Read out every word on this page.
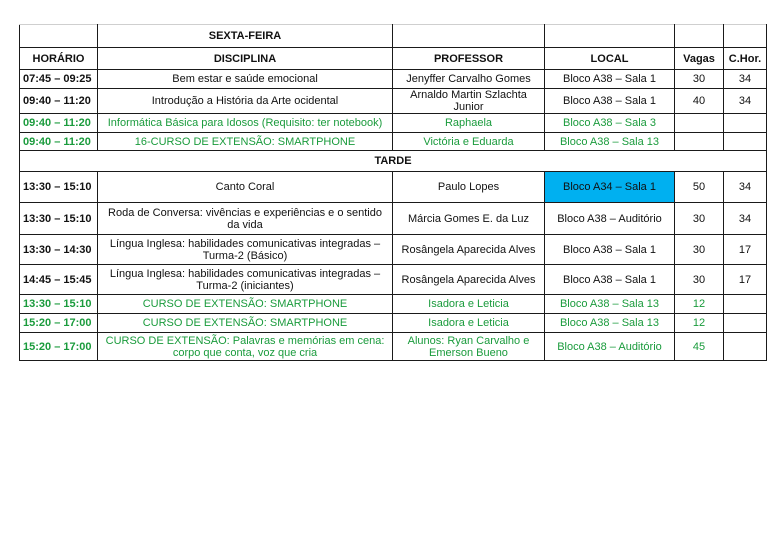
	SEXTA-FEIRA				
HORÁRIO	DISCIPLINA	PROFESSOR	LOCAL	Vagas	C.Hor.
07:45 – 09:25	Bem estar e saúde emocional	Jenyffer Carvalho Gomes	Bloco A38 – Sala 1	30	34
09:40 – 11:20	Introdução a História da Arte ocidental	Arnaldo Martin Szlachta Junior	Bloco A38 – Sala 1	40	34
09:40 – 11:20	Informática Básica para Idosos (Requisito: ter notebook)	Raphaela	Bloco A38 – Sala 3		
09:40 – 11:20	16-CURSO DE EXTENSÃO: SMARTPHONE	Victória e Eduarda	Bloco A38 – Sala 13		
TARDE					
13:30 – 15:10	Canto Coral	Paulo Lopes	Bloco A34 – Sala 1	50	34
13:30 – 15:10	Roda de Conversa: vivências e experiências e o sentido da vida	Márcia Gomes E. da Luz	Bloco A38 – Auditório	30	34
13:30 – 14:30	Língua Inglesa: habilidades comunicativas integradas – Turma-2 (Básico)	Rosângela Aparecida Alves	Bloco A38 – Sala 1	30	17
14:45 – 15:45	Língua Inglesa: habilidades comunicativas integradas – Turma-2 (iniciantes)	Rosângela Aparecida Alves	Bloco A38 – Sala 1	30	17
13:30 – 15:10	CURSO DE EXTENSÃO: SMARTPHONE	Isadora e Leticia	Bloco A38 – Sala 13	12	
15:20 – 17:00	CURSO DE EXTENSÃO: SMARTPHONE	Isadora e Leticia	Bloco A38 – Sala 13	12	
15:20 – 17:00	CURSO DE EXTENSÃO: Palavras e memórias em cena: corpo que conta, voz que cria	Alunos: Ryan Carvalho e Emerson Bueno	Bloco A38 – Auditório	45	
